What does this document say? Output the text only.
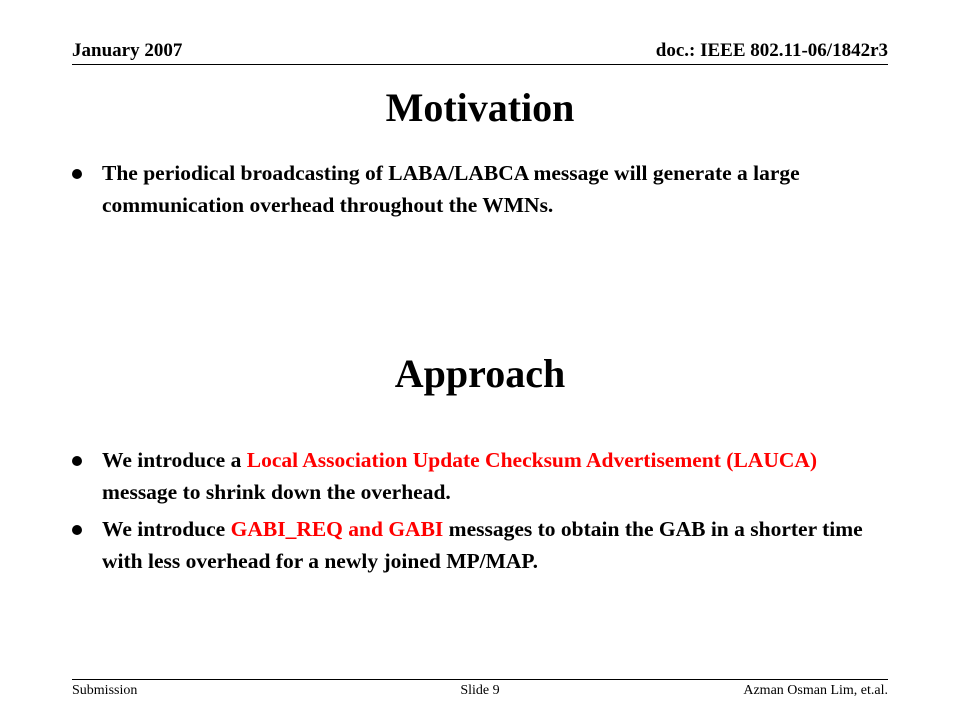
January 2007	doc.: IEEE 802.11-06/1842r3
Motivation
The periodical broadcasting of LABA/LABCA message will generate a large communication overhead throughout the WMNs.
Approach
We introduce a Local Association Update Checksum Advertisement (LAUCA) message to shrink down the overhead.
We introduce GABI_REQ and GABI messages to obtain the GAB in a shorter time with less overhead for a newly joined MP/MAP.
Submission	Slide 9	Azman Osman Lim, et.al.
